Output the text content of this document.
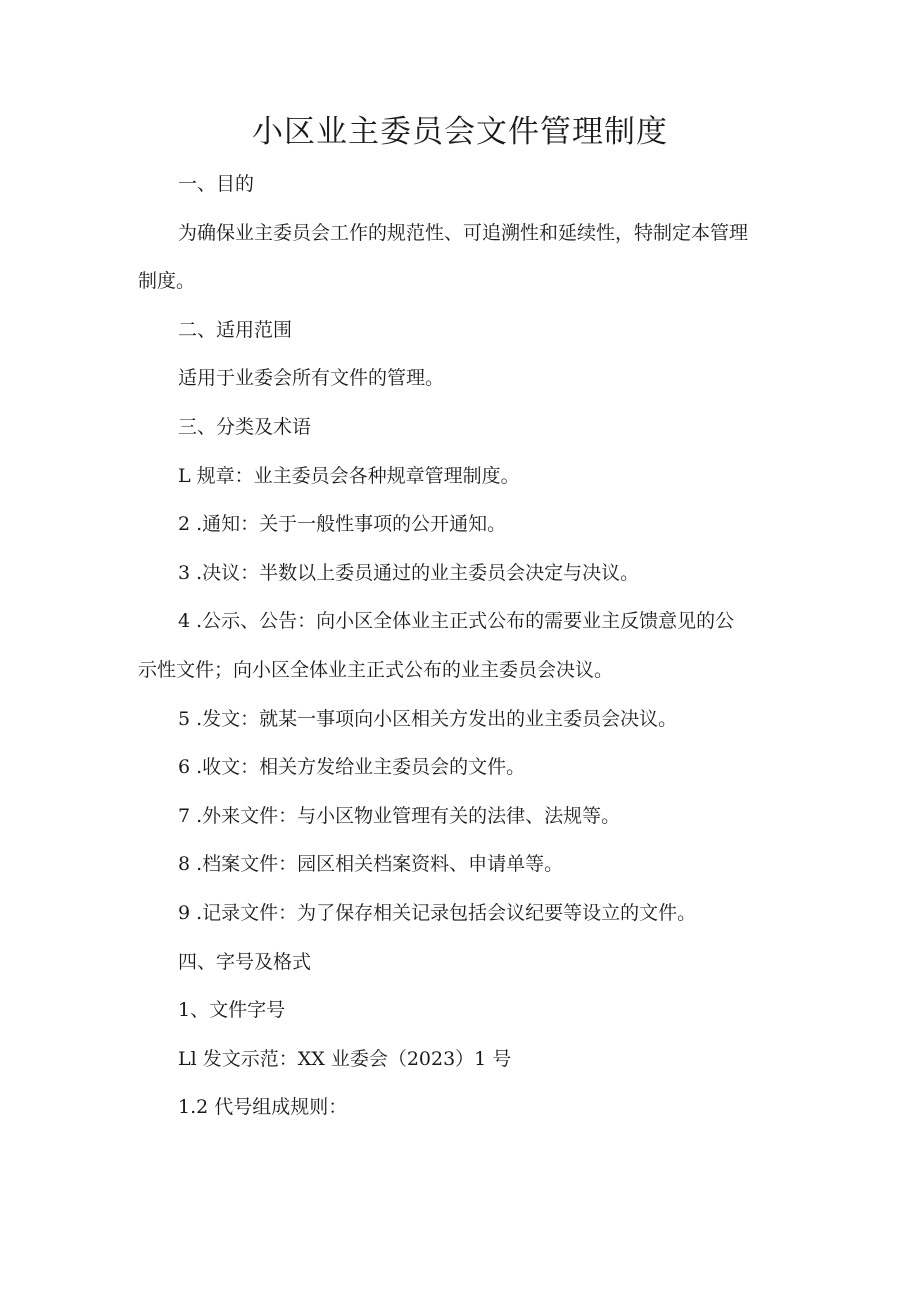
小区业主委员会文件管理制度

一、目的

为确保业主委员会工作的规范性、可追溯性和延续性，特制定本管理

制度。

二、适用范围

适用于业委会所有文件的管理。

三、分类及术语

L 规章：业主委员会各种规章管理制度。

2 .通知：关于一般性事项的公开通知。

3 .决议：半数以上委员通过的业主委员会决定与决议。

4 .公示、公告：向小区全体业主正式公布的需要业主反馈意见的公

示性文件；向小区全体业主正式公布的业主委员会决议。

5 .发文：就某一事项向小区相关方发出的业主委员会决议。

6 .收文：相关方发给业主委员会的文件。

7 .外来文件：与小区物业管理有关的法律、法规等。

8 .档案文件：园区相关档案资料、申请单等。

9 .记录文件：为了保存相关记录包括会议纪要等设立的文件。

四、字号及格式

1、文件字号

Ll 发文示范：XX 业委会（2023）1 号

1.2 代号组成规则：
